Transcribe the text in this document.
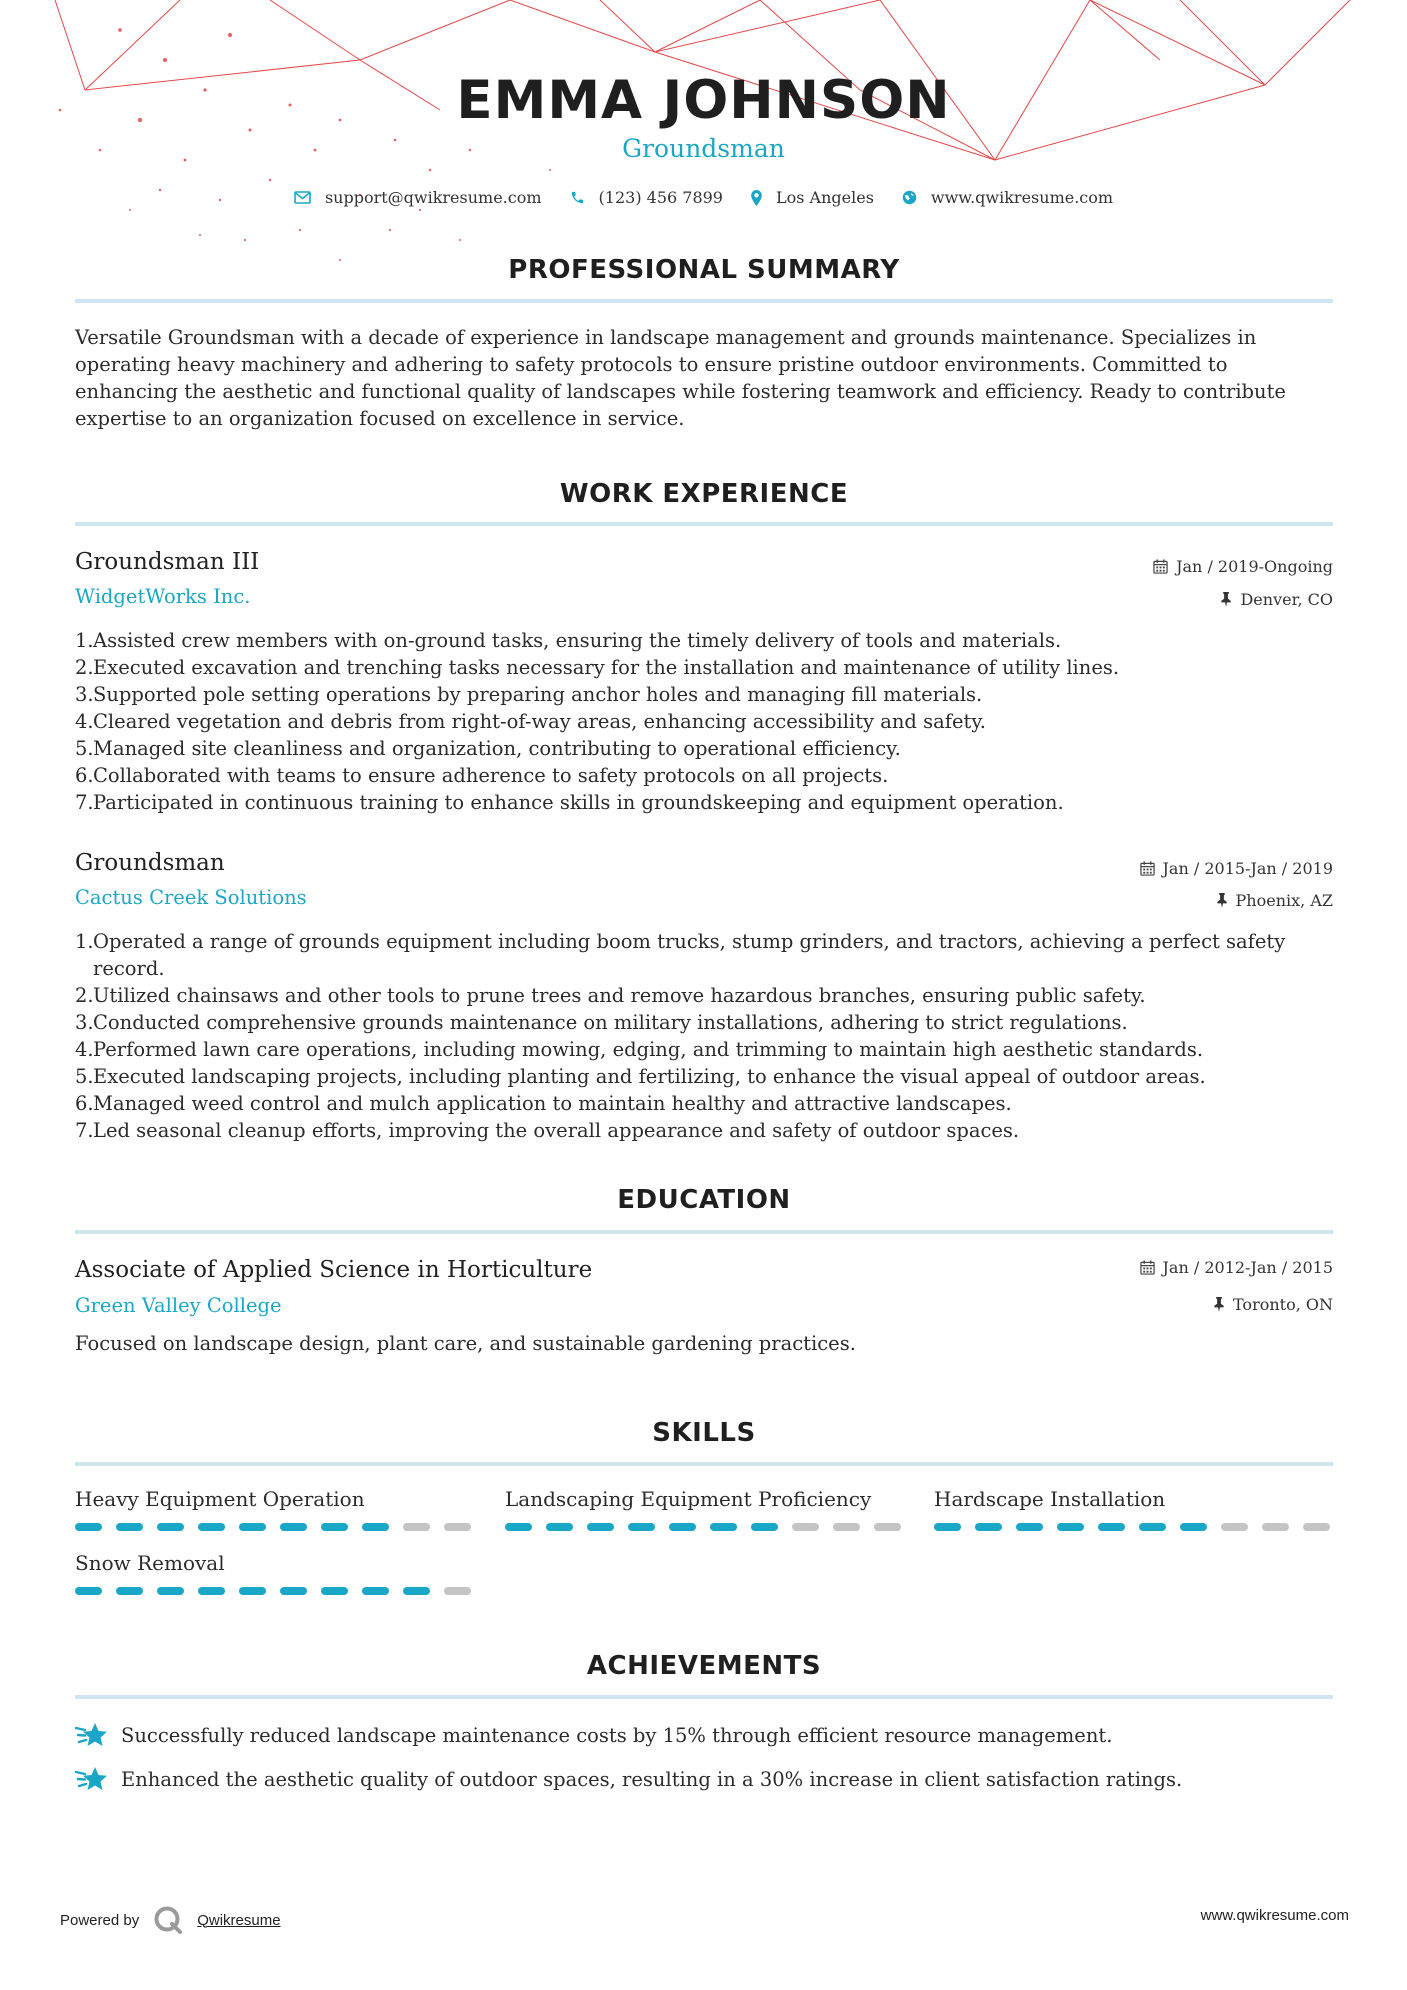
EMMA JOHNSON
Groundsman
support@qwikresume.com	(123) 456 7899	Los Angeles	www.qwikresume.com
PROFESSIONAL SUMMARY
Versatile Groundsman with a decade of experience in landscape management and grounds maintenance. Specializes in operating heavy machinery and adhering to safety protocols to ensure pristine outdoor environments. Committed to enhancing the aesthetic and functional quality of landscapes while fostering teamwork and efficiency. Ready to contribute expertise to an organization focused on excellence in service.
WORK EXPERIENCE
Groundsman III
WidgetWorks Inc.
Jan / 2019-Ongoing
Denver, CO
1. Assisted crew members with on-ground tasks, ensuring the timely delivery of tools and materials.
2. Executed excavation and trenching tasks necessary for the installation and maintenance of utility lines.
3. Supported pole setting operations by preparing anchor holes and managing fill materials.
4. Cleared vegetation and debris from right-of-way areas, enhancing accessibility and safety.
5. Managed site cleanliness and organization, contributing to operational efficiency.
6. Collaborated with teams to ensure adherence to safety protocols on all projects.
7. Participated in continuous training to enhance skills in groundskeeping and equipment operation.
Groundsman
Cactus Creek Solutions
Jan / 2015-Jan / 2019
Phoenix, AZ
1. Operated a range of grounds equipment including boom trucks, stump grinders, and tractors, achieving a perfect safety record.
2. Utilized chainsaws and other tools to prune trees and remove hazardous branches, ensuring public safety.
3. Conducted comprehensive grounds maintenance on military installations, adhering to strict regulations.
4. Performed lawn care operations, including mowing, edging, and trimming to maintain high aesthetic standards.
5. Executed landscaping projects, including planting and fertilizing, to enhance the visual appeal of outdoor areas.
6. Managed weed control and mulch application to maintain healthy and attractive landscapes.
7. Led seasonal cleanup efforts, improving the overall appearance and safety of outdoor spaces.
EDUCATION
Associate of Applied Science in Horticulture
Green Valley College
Jan / 2012-Jan / 2015
Toronto, ON
Focused on landscape design, plant care, and sustainable gardening practices.
SKILLS
Heavy Equipment Operation	Landscaping Equipment Proficiency	Hardscape Installation
Snow Removal
ACHIEVEMENTS
Successfully reduced landscape maintenance costs by 15% through efficient resource management.
Enhanced the aesthetic quality of outdoor spaces, resulting in a 30% increase in client satisfaction ratings.
Powered by	Qwikresume	www.qwikresume.com
